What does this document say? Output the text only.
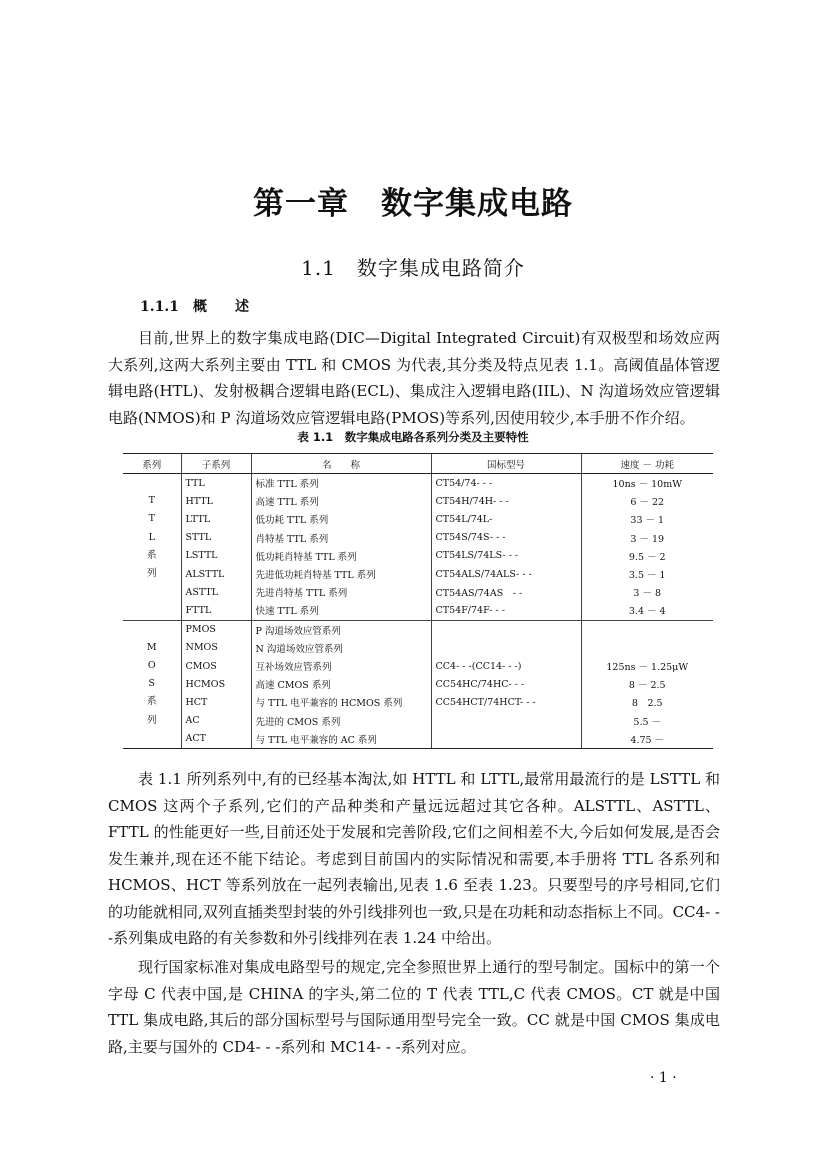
第一章　数字集成电路
1.1　数字集成电路简介
1.1.1　概　　述

目前,世界上的数字集成电路(DIC—Digital Integrated Circuit)有双极型和场效应两大系列,这两大系列主要由 TTL 和 CMOS 为代表,其分类及特点见表 1.1。高阈值晶体管逻辑电路(HTL)、发射极耦合逻辑电路(ECL)、集成注入逻辑电路(IIL)、N 沟道场效应管逻辑电路(NMOS)和 P 沟道场效应管逻辑电路(PMOS)等系列,因使用较少,本手册不作介绍。

表 1.1　数字集成电路各系列分类及主要特性
系列	子系列	名　　称	国标型号	速度 － 功耗
	TTL	标准 TTL 系列	CT54/74- - -	10ns － 10mW

T	HTTL	高速 TTL 系列	CT54H/74H- - -	6 － 22

T	LTTL	低功耗 TTL 系列	CT54L/74L-	33 － 1

L	STTL	肖特基 TTL 系列	CT54S/74S- - -	3 － 19

系	LSTTL	低功耗肖特基 TTL 系列	CT54LS/74LS- - -	9.5 － 2

列	ALSTTL	先进低功耗肖特基 TTL 系列	CT54ALS/74ALS- - -	3.5 － 1
	ASTTL	先进肖特基 TTL 系列	CT54AS/74AS　- -	3 － 8
	FTTL	快速 TTL 系列	CT54F/74F- - -	3.4 － 4
	PMOS	P 沟道场效应管系列		

M	NMOS	N 沟道场效应管系列		

O	CMOS	互补场效应管系列	CC4- - -(CC14- - -)	125ns － 1.25μW

S	HCMOS	高速 CMOS 系列	CC54HC/74HC- - -	8 － 2.5

系	HCT	与 TTL 电平兼容的 HCMOS 系列	CC54HCT/74HCT- - -	8　2.5

列	AC	先进的 CMOS 系列		5.5 －
	ACT	与 TTL 电平兼容的 AC 系列		4.75 －

表 1.1 所列系列中,有的已经基本淘汰,如 HTTL 和 LTTL,最常用最流行的是 LSTTL 和 CMOS 这两个子系列,它们的产品种类和产量远远超过其它各种。ALSTTL、ASTTL、FTTL 的性能更好一些,目前还处于发展和完善阶段,它们之间相差不大,今后如何发展,是否会发生兼并,现在还不能下结论。考虑到目前国内的实际情况和需要,本手册将 TTL 各系列和 HCMOS、HCT 等系列放在一起列表输出,见表 1.6 至表 1.23。只要型号的序号相同,它们的功能就相同,双列直插类型封装的外引线排列也一致,只是在功耗和动态指标上不同。CC4- - -系列集成电路的有关参数和外引线排列在表 1.24 中给出。

现行国家标准对集成电路型号的规定,完全参照世界上通行的型号制定。国标中的第一个字母 C 代表中国,是 CHINA 的字头,第二位的 T 代表 TTL,C 代表 CMOS。CT 就是中国 TTL 集成电路,其后的部分国标型号与国际通用型号完全一致。CC 就是中国 CMOS 集成电路,主要与国外的 CD4- - -系列和 MC14- - -系列对应。

· 1 ·
